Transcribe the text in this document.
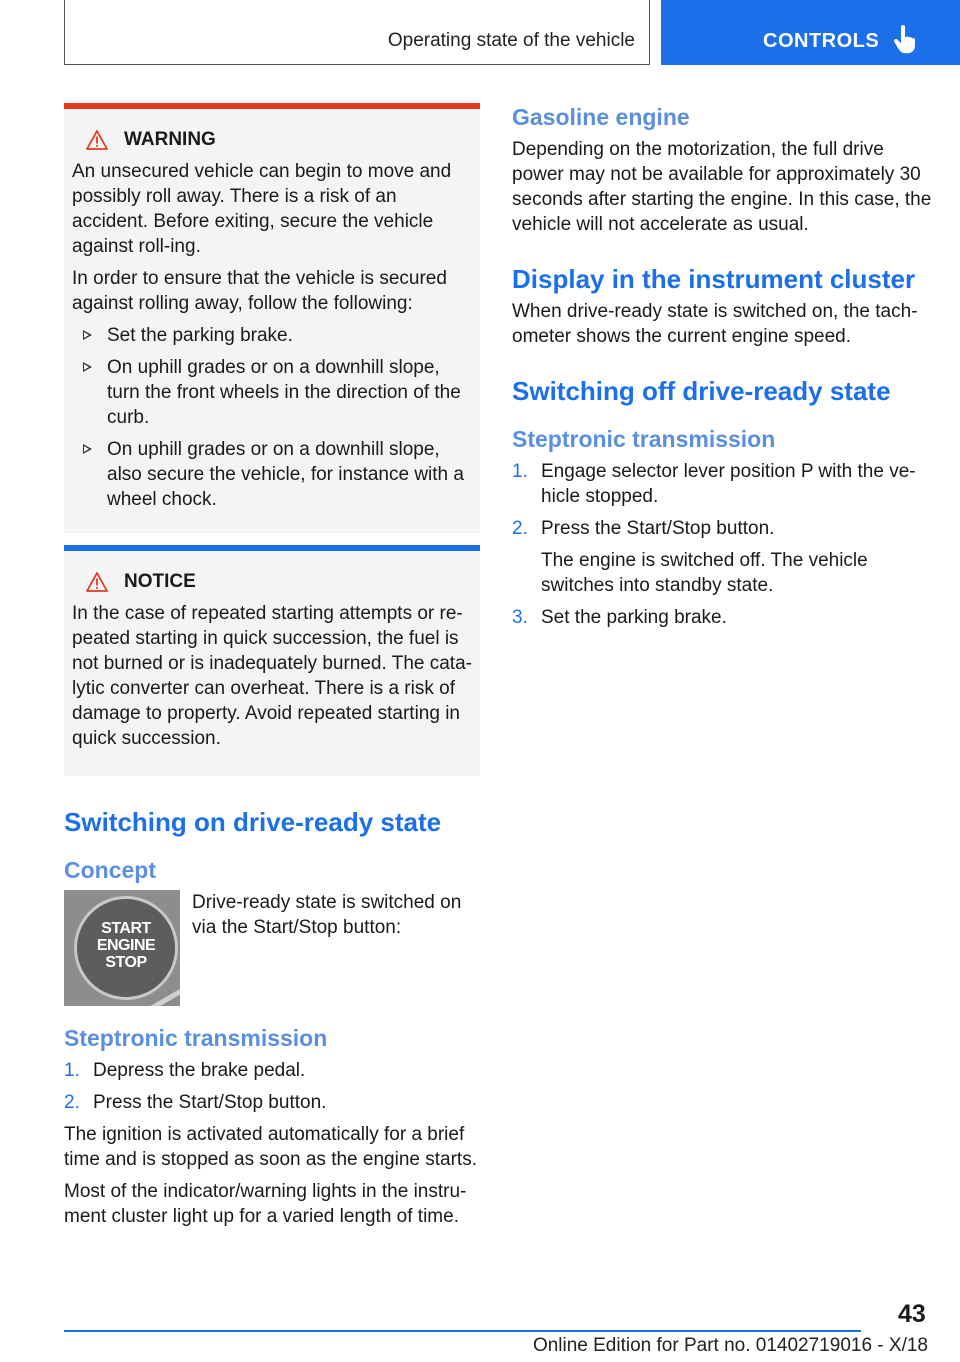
Operating state of the vehicle	CONTROLS
WARNING

An unsecured vehicle can begin to move and possibly roll away. There is a risk of an accident. Before exiting, secure the vehicle against roll-ing.

In order to ensure that the vehicle is secured against rolling away, follow the following:

Set the parking brake.
On uphill grades or on a downhill slope, turn the front wheels in the direction of the curb.
On uphill grades or on a downhill slope, also secure the vehicle, for instance with a wheel chock.
NOTICE

In the case of repeated starting attempts or re-peated starting in quick succession, the fuel is not burned or is inadequately burned. The cata-lytic converter can overheat. There is a risk of damage to property. Avoid repeated starting in quick succession.

Switching on drive-ready state
Concept
START
ENGINE
STOP

Drive-ready state is switched on via the Start/Stop button:

Steptronic transmission
1. Depress the brake pedal.
2. Press the Start/Stop button.

The ignition is activated automatically for a brief time and is stopped as soon as the engine starts.

Most of the indicator/warning lights in the instru-ment cluster light up for a varied length of time.

Gasoline engine

Depending on the motorization, the full drive power may not be available for approximately 30 seconds after starting the engine. In this case, the vehicle will not accelerate as usual.

Display in the instrument cluster

When drive-ready state is switched on, the tach-ometer shows the current engine speed.

Switching off drive-ready state
Steptronic transmission
1. Engage selector lever position P with the ve-hicle stopped.
2. Press the Start/Stop button.
The engine is switched off. The vehicle switches into standby state.
3. Set the parking brake.
43
Online Edition for Part no. 01402719016 - X/18
